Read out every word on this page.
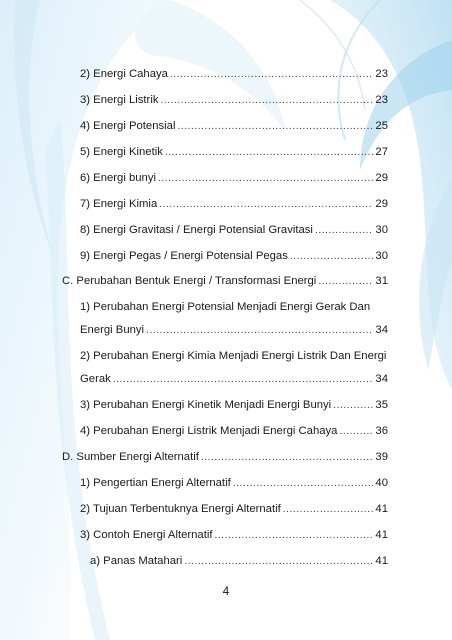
2) Energi Cahaya .....	23
3) Energi Listrik .....	23
4) Energi Potensial .....	25
5) Energi Kinetik .....	27
6) Energi bunyi .....	29
7) Energi Kimia .....	29
8) Energi Gravitasi / Energi Potensial Gravitasi .....	30
9) Energi Pegas / Energi Potensial Pegas .....	30
C. Perubahan Bentuk Energi / Transformasi Energi .....	31
1) Perubahan Energi Potensial Menjadi Energi Gerak Dan
Energi Bunyi .....	34
2) Perubahan Energi Kimia Menjadi Energi Listrik Dan Energi
Gerak .....	34
3) Perubahan Energi Kinetik Menjadi Energi Bunyi .....	35
4) Perubahan Energi Listrik Menjadi Energi Cahaya .....	36
D. Sumber Energi Alternatif .....	39
1) Pengertian Energi Alternatif .....	40
2) Tujuan Terbentuknya Energi Alternatif .....	41
3) Contoh Energi Alternatif .....	41
a) Panas Matahari .....	41
4
